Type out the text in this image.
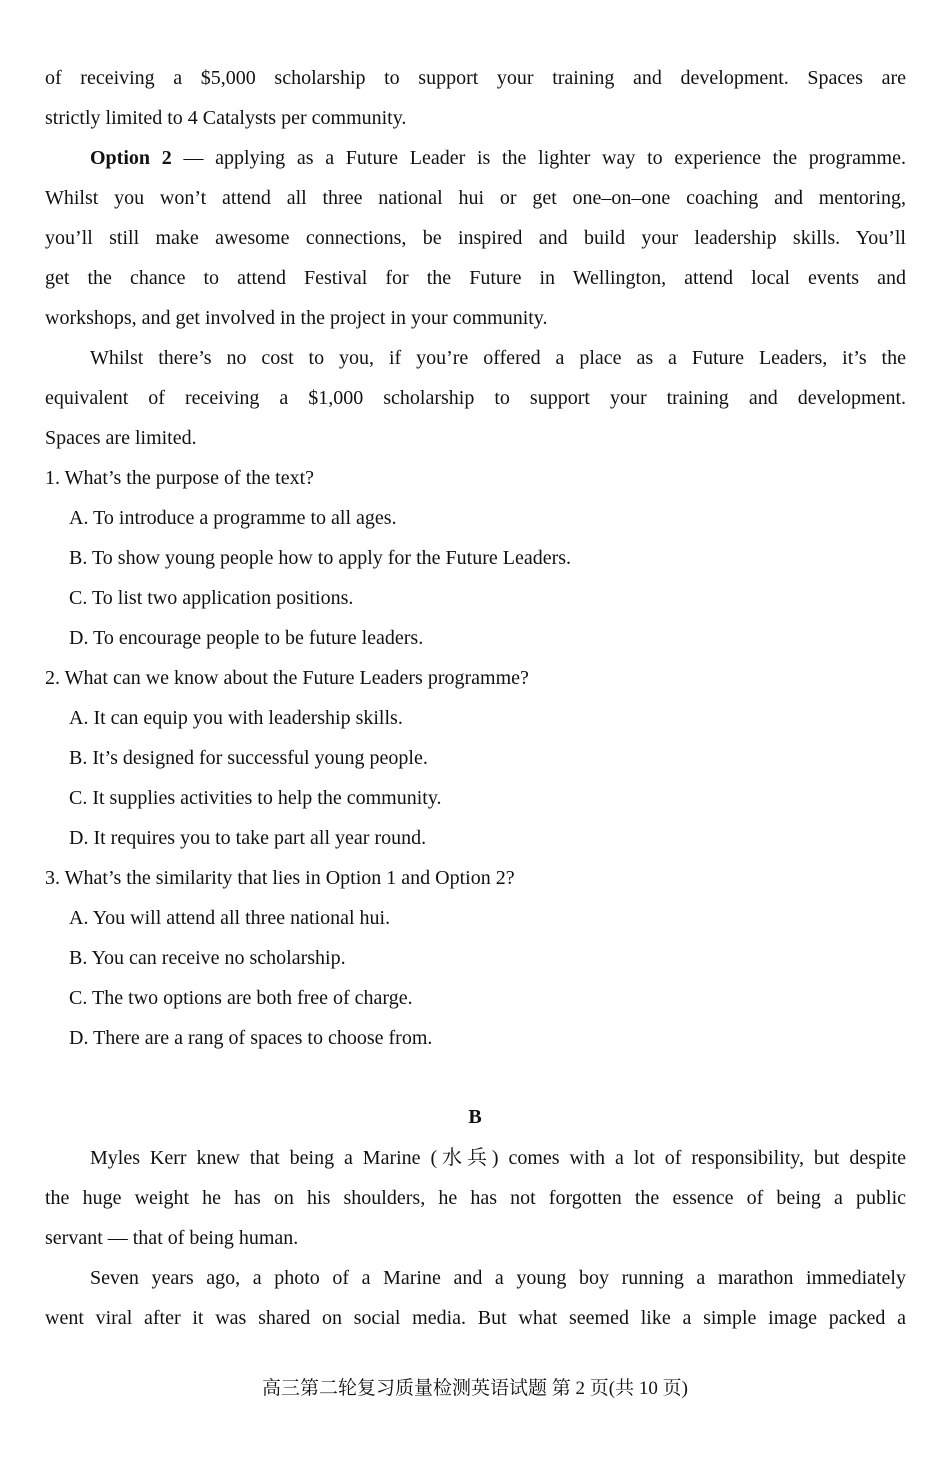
of receiving a $5,000 scholarship to support your training and development. Spaces are
strictly limited to 4 Catalysts per community.
Option 2 — applying as a Future Leader is the lighter way to experience the programme.
Whilst you won’t attend all three national hui or get one–on–one coaching and mentoring,
you’ll still make awesome connections, be inspired and build your leadership skills. You’ll
get the chance to attend Festival for the Future in Wellington, attend local events and
workshops, and get involved in the project in your community.
Whilst there’s no cost to you, if you’re offered a place as a Future Leaders, it’s the
equivalent of receiving a $1,000 scholarship to support your training and development.
Spaces are limited.
1. What’s the purpose of the text?
A. To introduce a programme to all ages.
B. To show young people how to apply for the Future Leaders.
C. To list two application positions.
D. To encourage people to be future leaders.
2. What can we know about the Future Leaders programme?
A. It can equip you with leadership skills.
B. It’s designed for successful young people.
C. It supplies activities to help the community.
D. It requires you to take part all year round.
3. What’s the similarity that lies in Option 1 and Option 2?
A. You will attend all three national hui.
B. You can receive no scholarship.
C. The two options are both free of charge.
D. There are a rang of spaces to choose from.
B
Myles Kerr knew that being a Marine (水兵) comes with a lot of responsibility, but despite
the huge weight he has on his shoulders, he has not forgotten the essence of being a public
servant — that of being human.
Seven years ago, a photo of a Marine and a young boy running a marathon immediately
went viral after it was shared on social media. But what seemed like a simple image packed a
高三第二轮复习质量检测英语试题 第 2 页(共 10 页)
